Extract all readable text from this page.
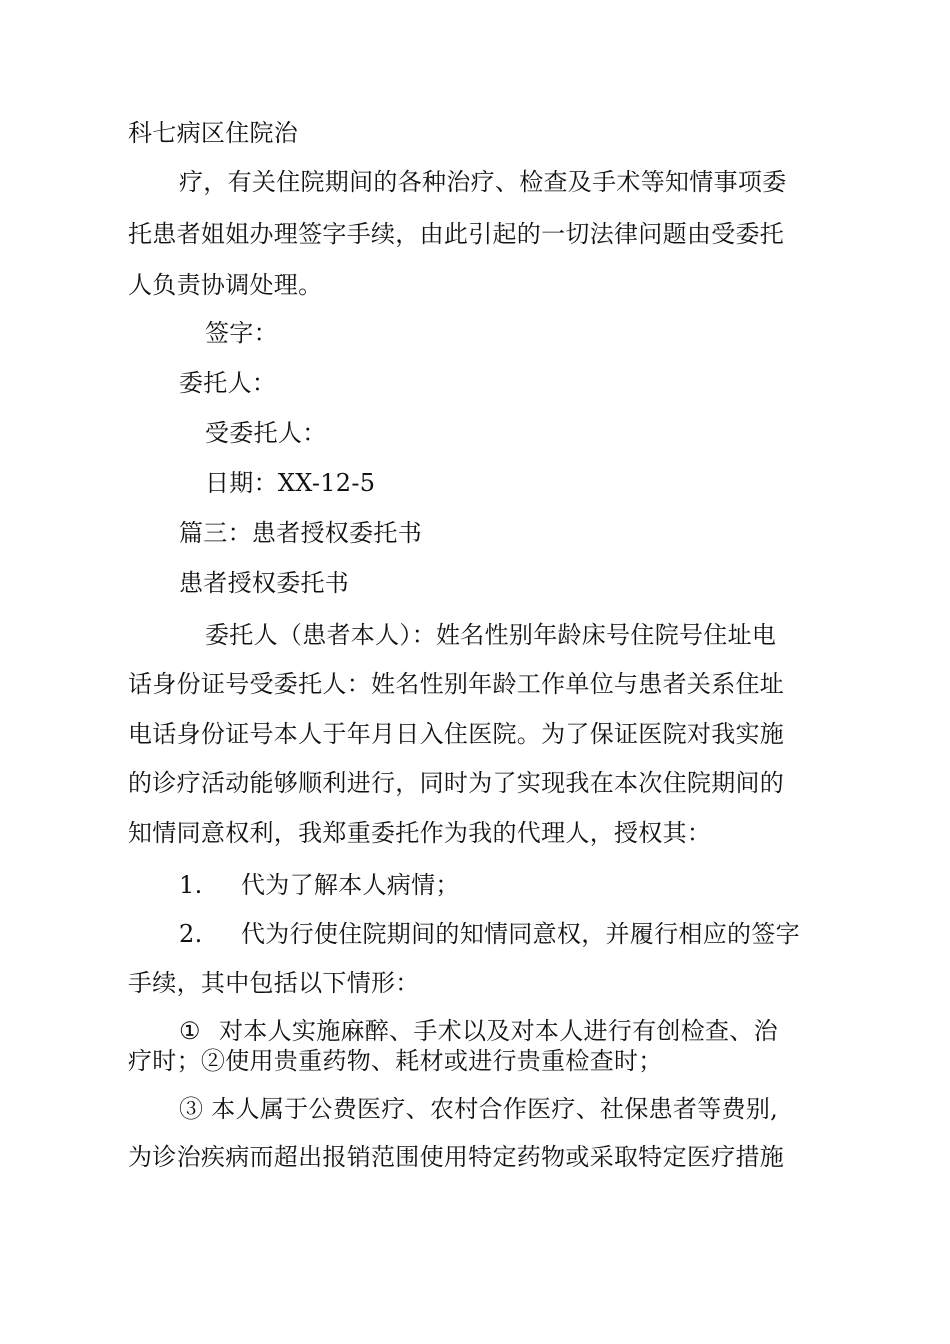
科七病区住院治
疗，有关住院期间的各种治疗、检查及手术等知情事项委
托患者姐姐办理签字手续，由此引起的一切法律问题由受委托
人负责协调处理。
签字：
委托人：
受委托人：
日期：XX-12-5
篇三：患者授权委托书
患者授权委托书
委托人（患者本人）：姓名性别年龄床号住院号住址电
话身份证号受委托人：姓名性别年龄工作单位与患者关系住址
电话身份证号本人于年月日入住医院。为了保证医院对我实施
的诊疗活动能够顺利进行，同时为了实现我在本次住院期间的
知情同意权利，我郑重委托作为我的代理人，授权其：
1. 代为了解本人病情；
2. 代为行使住院期间的知情同意权，并履行相应的签字
手续，其中包括以下情形：
① 对本人实施麻醉、手术以及对本人进行有创检查、治
疗时；②使用贵重药物、耗材或进行贵重检查时；
③ 本人属于公费医疗、农村合作医疗、社保患者等费别,
为诊治疾病而超出报销范围使用特定药物或采取特定医疗措施
